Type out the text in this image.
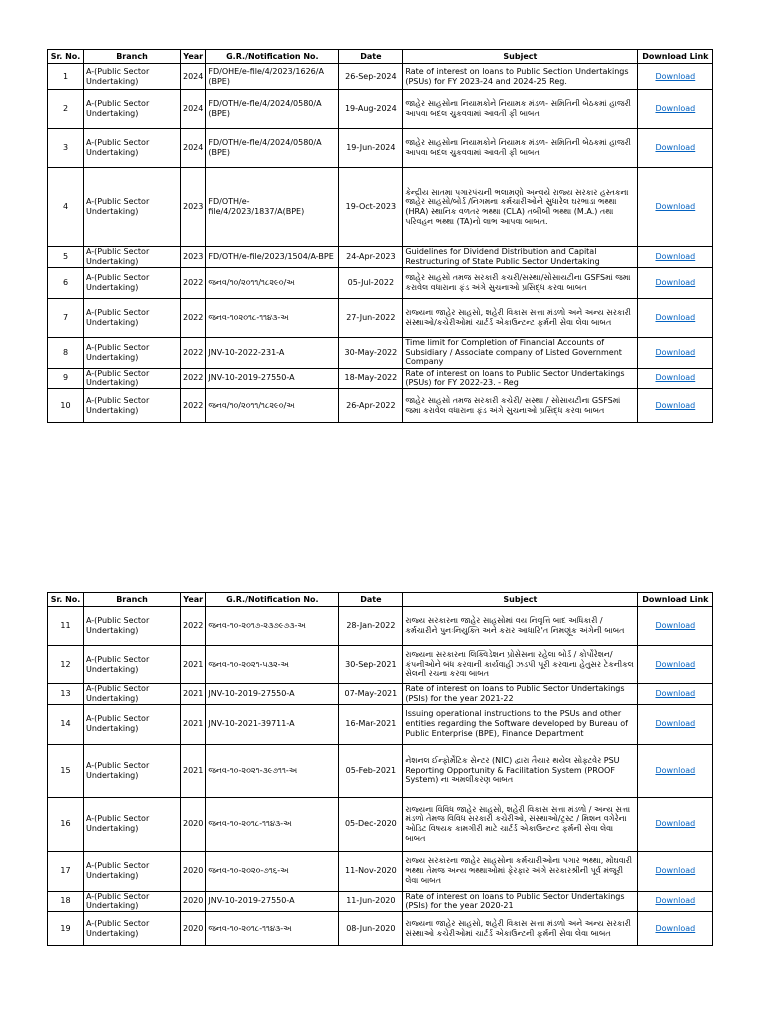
Sr. No.	Branch	Year	G.R./Notification No.	Date	Subject	Download Link
1	A-(Public Sector Undertaking)	2024	FD/OHE/e-file/4/2023/1626/A (BPE)	26-Sep-2024	Rate of interest on loans to Public Section Undertakings (PSUs) for FY 2023-24 and 2024-25 Reg.	Download
2	A-(Public Sector Undertaking)	2024	FD/OTH/e-fle/4/2024/0580/A (BPE)	19-Aug-2024	જાહેર સાહસોના નિયામકોને નિયામક મંડળ- સમિતિની બેઠકમાં હાજરી આપવા બદલ ચુકવવામાં આવતી ફી બાબત	Download
3	A-(Public Sector Undertaking)	2024	FD/OTH/e-fle/4/2024/0580/A (BPE)	19-Jun-2024	જાહેર સાહસોના નિયામકોને નિયામક મંડળ- સમિતિની બેઠકમાં હાજરી આપવા બદલ ચુકવવામાં આવતી ફી બાબત	Download
4	A-(Public Sector Undertaking)	2023	FD/OTH/e-file/4/2023/1837/A(BPE)	19-Oct-2023	કેન્દ્રીય સાતમા પગારપંચની ભલામણો અન્વયે રાજ્ય સરકાર હસ્તકના જાહેર સાહસો/બોર્ડ /નિગમના કર્મચારીઓને સુધારેલ ઘરભાડા ભથ્થા (HRA) સ્થાનિક વળતર ભથ્થા (CLA) તબીબી ભથ્થા (M.A.) તથા પરિવહન ભથ્થા (TA)નો લાભ આપવા બાબત.	Download
5	A-(Public Sector Undertaking)	2023	FD/OTH/e-file/2023/1504/A-BPE	24-Apr-2023	Guidelines for Dividend Distribution and Capital Restructuring of State Public Sector Undertaking	Download
6	A-(Public Sector Undertaking)	2022	જનવ/૧૦/૨૦૧૧/૧૮૨૯૦/અ	05-Jul-2022	જાહેર સાહસો તમજ સરકારી કચરી/સસ્થા/સોસાયટીના GSFSમાં જમા કરાવેલ વધારાના ફંડ અંગે સુચનાઓ પ્રસિદ્ધ કરવા બાબત	Download
7	A-(Public Sector Undertaking)	2022	જનવ-૧૦૨૦૧૮-૧૧૪૩-અ	27-Jun-2022	રાજ્યના જાહેર સાહસો, શહેરી વિકાસ સત્તા મંડળો અને અન્ય સરકારી સંસ્થાઓ/કચેરીઓમાં ચાર્ટર્ડ એકાઉન્ટન્ટ ફર્મની સેવા લેવા બાબત	Download
8	A-(Public Sector Undertaking)	2022	JNV-10-2022-231-A	30-May-2022	Time limit for Completion of Financial Accounts of Subsidiary / Associate company of Listed Government Company	Download
9	A-(Public Sector Undertaking)	2022	JNV-10-2019-27550-A	18-May-2022	Rate of interest on loans to Public Sector Undertakings (PSUs) for FY 2022-23. - Reg	Download
10	A-(Public Sector Undertaking)	2022	જનવ/૧૦/૨૦૧૧/૧૮૨૯૦/અ	26-Apr-2022	જાહેર સાહસો તમજ સરકારી કચેરી/ સસ્થા / સોસાયટીના GSFSમાં જમા કરાવેલ વધારાના ફંડ અંગે સુચનાઓ પ્રસિદ્ધ કરવા બાબત	Download
Sr. No.	Branch	Year	G.R./Notification No.	Date	Subject	Download Link
11	A-(Public Sector Undertaking)	2022	જનવ-૧૦-૨૦૧૭-૨૩૭૯૭૩-અ	28-Jan-2022	રાજ્ય સરકારના જાહેર સાહસોમાં વય નિવૃત્તિ બાદ અધિકારી / કર્મચારીને પુનઃનિયુક્તિ અને કરાર આધારિ'ત નિમણૂંક અંગેની બાબત	Download
12	A-(Public Sector Undertaking)	2021	જનવ-૧૦-૨૦૨૧-૫૩૨-અ	30-Sep-2021	રાજ્યના સરકારના લિક્વિડેશન પ્રોસેસના રહેલા બોર્ડ / કોર્પોરેશન/કંપનીઓને બંધ કરવાની કાર્યવાહી ઝડપી પૂરી કરવાના હેતુસર ટેકનીકલ સેલની રચના કરવા બાબત	Download
13	A-(Public Sector Undertaking)	2021	JNV-10-2019-27550-A	07-May-2021	Rate of interest on loans to Public Sector Undertakings (PSIs) for the year 2021-22	Download
14	A-(Public Sector Undertaking)	2021	JNV-10-2021-39711-A	16-Mar-2021	Issuing operational instructions to the PSUs and other entities regarding the Software developed by Bureau of Public Enterprise (BPE), Finance Department	Download
15	A-(Public Sector Undertaking)	2021	જનવ-૧૦-૨૦૨૧-૩૯૭૧૧-અ	05-Feb-2021	નેશનલ ઈન્ફોર્મેટિક સેન્ટર (NIC) દ્વારા તૈયાર થયેલ સોફ્ટવેર PSU Reporting Opportunity & Facilitation System (PROOF System) ના અમલીકરણ બાબત	Download
16	A-(Public Sector Undertaking)	2020	જનવ-૧૦-૨૦૧૮-૧૧૪૩-અ	05-Dec-2020	રાજ્યના વિવિધ જાહેર સાહસો, શહેરી વિકાસ સત્તા મંડળો / અન્ય સત્તા મંડળો તેમજ વિવિધ સરકારી કચેરીઓ, સંસ્થાઓ/ટ્રસ્ટ / મિશન વગેરેના ઓડિટ વિષયક કામગીરી માટે ચાર્ટર્ડ એકાઉન્ટન્ટ ફર્મની સેવા લેવા બાબત	Download
17	A-(Public Sector Undertaking)	2020	જનવ-૧૦-૨૦૨૦-૭૧૬-અ	11-Nov-2020	રાજ્ય સરકારના જાહેર સાહસોના કર્મચારીઓના પગાર ભથ્થા, મોંઘવારી ભથ્થા તેમજ અન્ય ભથ્થાઓમાં ફેરફાર અંગે સરકારશ્રીની પૂર્વ મંજૂરી લેવા બાબત	Download
18	A-(Public Sector Undertaking)	2020	JNV-10-2019-27550-A	11-Jun-2020	Rate of interest on loans to Public Sector Undertakings (PSIs) for the year 2020-21	Download
19	A-(Public Sector Undertaking)	2020	જનવ-૧૦-૨૦૧૮-૧૧૪૩-અ	08-Jun-2020	રાજ્યના જાહેર સાહસો, શહેરી વિકાસ સત્તા મંડળો અને અન્ય સરકારી સંસ્થાઓ કચેરીઓમાં ચાર્ટર્ડ એકાઉન્ટની ફર્મની સેવા લેવા બાબત	Download
